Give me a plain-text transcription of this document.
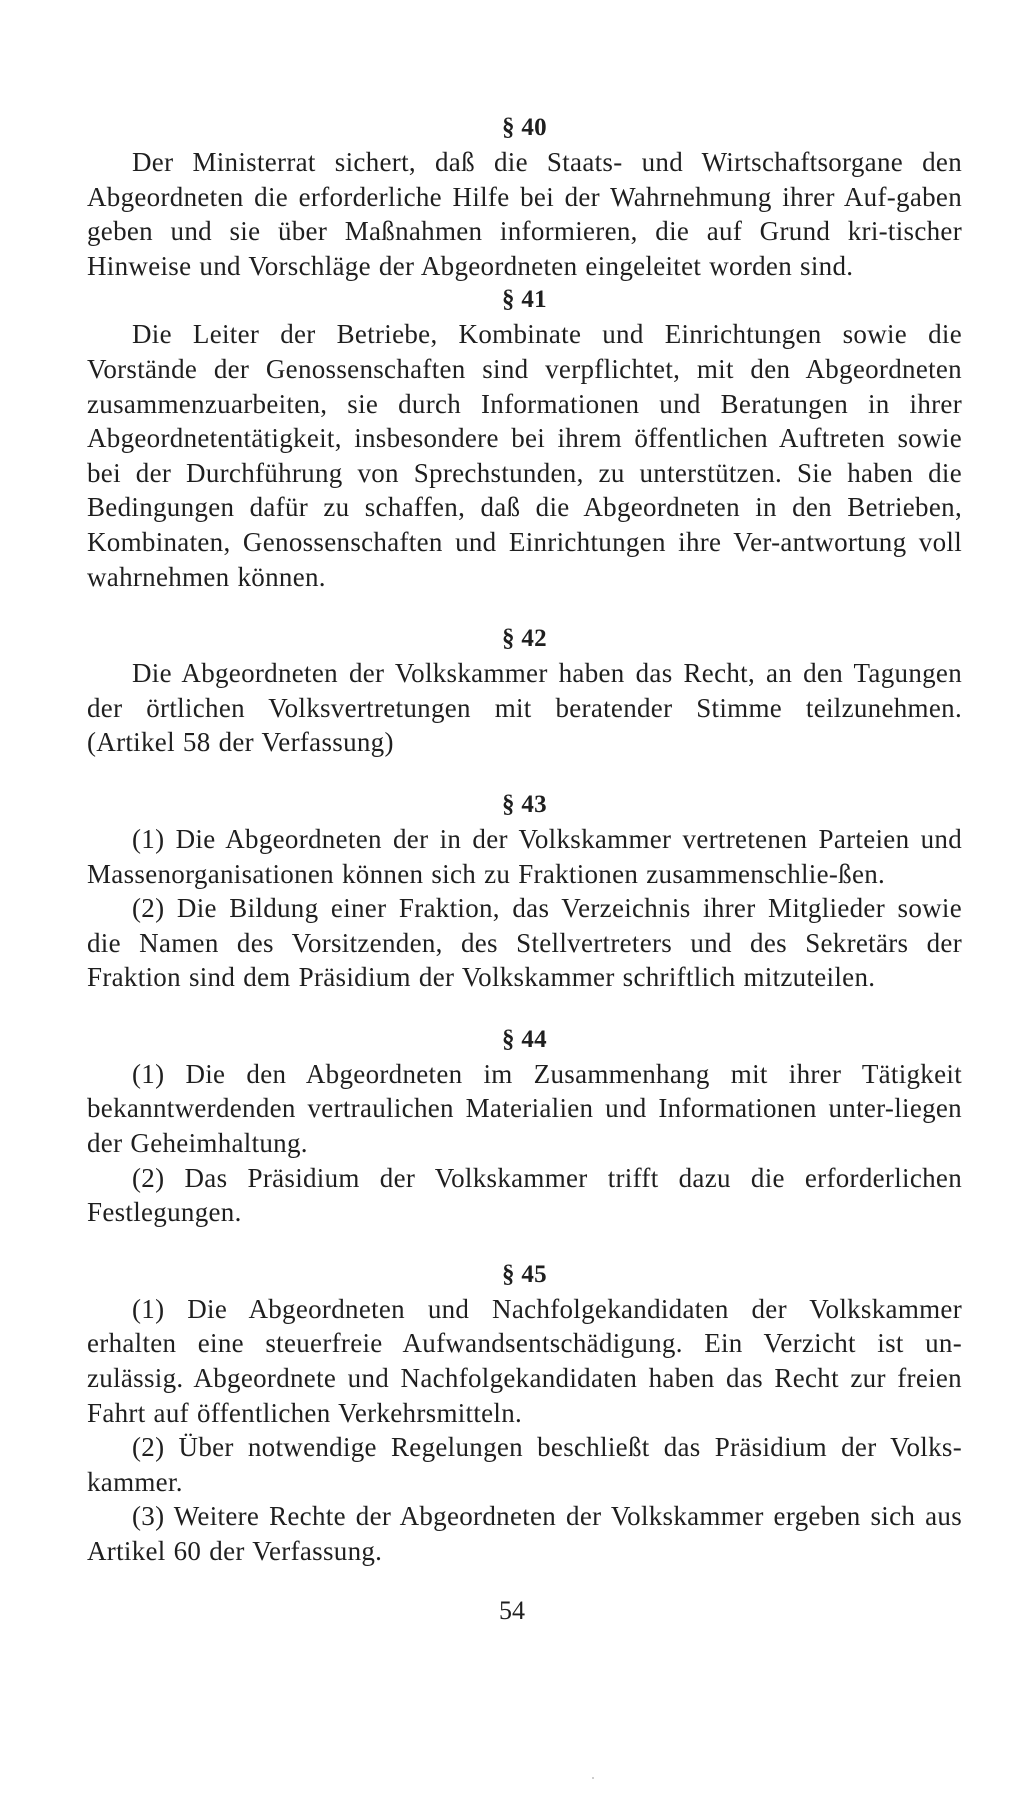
§ 40

Der Ministerrat sichert, daß die Staats- und Wirtschaftsorgane den Abgeordneten die erforderliche Hilfe bei der Wahrnehmung ihrer Auf-gaben geben und sie über Maßnahmen informieren, die auf Grund kri-tischer Hinweise und Vorschläge der Abgeordneten eingeleitet worden sind.

§ 41

Die Leiter der Betriebe, Kombinate und Einrichtungen sowie die Vorstände der Genossenschaften sind verpflichtet, mit den Abgeordneten zusammenzuarbeiten, sie durch Informationen und Beratungen in ihrer Abgeordnetentätigkeit, insbesondere bei ihrem öffentlichen Auftreten sowie bei der Durchführung von Sprechstunden, zu unterstützen. Sie haben die Bedingungen dafür zu schaffen, daß die Abgeordneten in den Betrieben, Kombinaten, Genossenschaften und Einrichtungen ihre Ver-antwortung voll wahrnehmen können.

§ 42

Die Abgeordneten der Volkskammer haben das Recht, an den Tagungen der örtlichen Volksvertretungen mit beratender Stimme teilzunehmen. (Artikel 58 der Verfassung)

§ 43

(1) Die Abgeordneten der in der Volkskammer vertretenen Parteien und Massenorganisationen können sich zu Fraktionen zusammenschlie-ßen.

(2) Die Bildung einer Fraktion, das Verzeichnis ihrer Mitglieder sowie die Namen des Vorsitzenden, des Stellvertreters und des Sekretärs der Fraktion sind dem Präsidium der Volkskammer schriftlich mitzuteilen.

§ 44

(1) Die den Abgeordneten im Zusammenhang mit ihrer Tätigkeit bekanntwerdenden vertraulichen Materialien und Informationen unter-liegen der Geheimhaltung.

(2) Das Präsidium der Volkskammer trifft dazu die erforderlichen Festlegungen.

§ 45

(1) Die Abgeordneten und Nachfolgekandidaten der Volkskammer erhalten eine steuerfreie Aufwandsentschädigung. Ein Verzicht ist un-zulässig. Abgeordnete und Nachfolgekandidaten haben das Recht zur freien Fahrt auf öffentlichen Verkehrsmitteln.

(2) Über notwendige Regelungen beschließt das Präsidium der Volks-kammer.

(3) Weitere Rechte der Abgeordneten der Volkskammer ergeben sich aus Artikel 60 der Verfassung.

54
